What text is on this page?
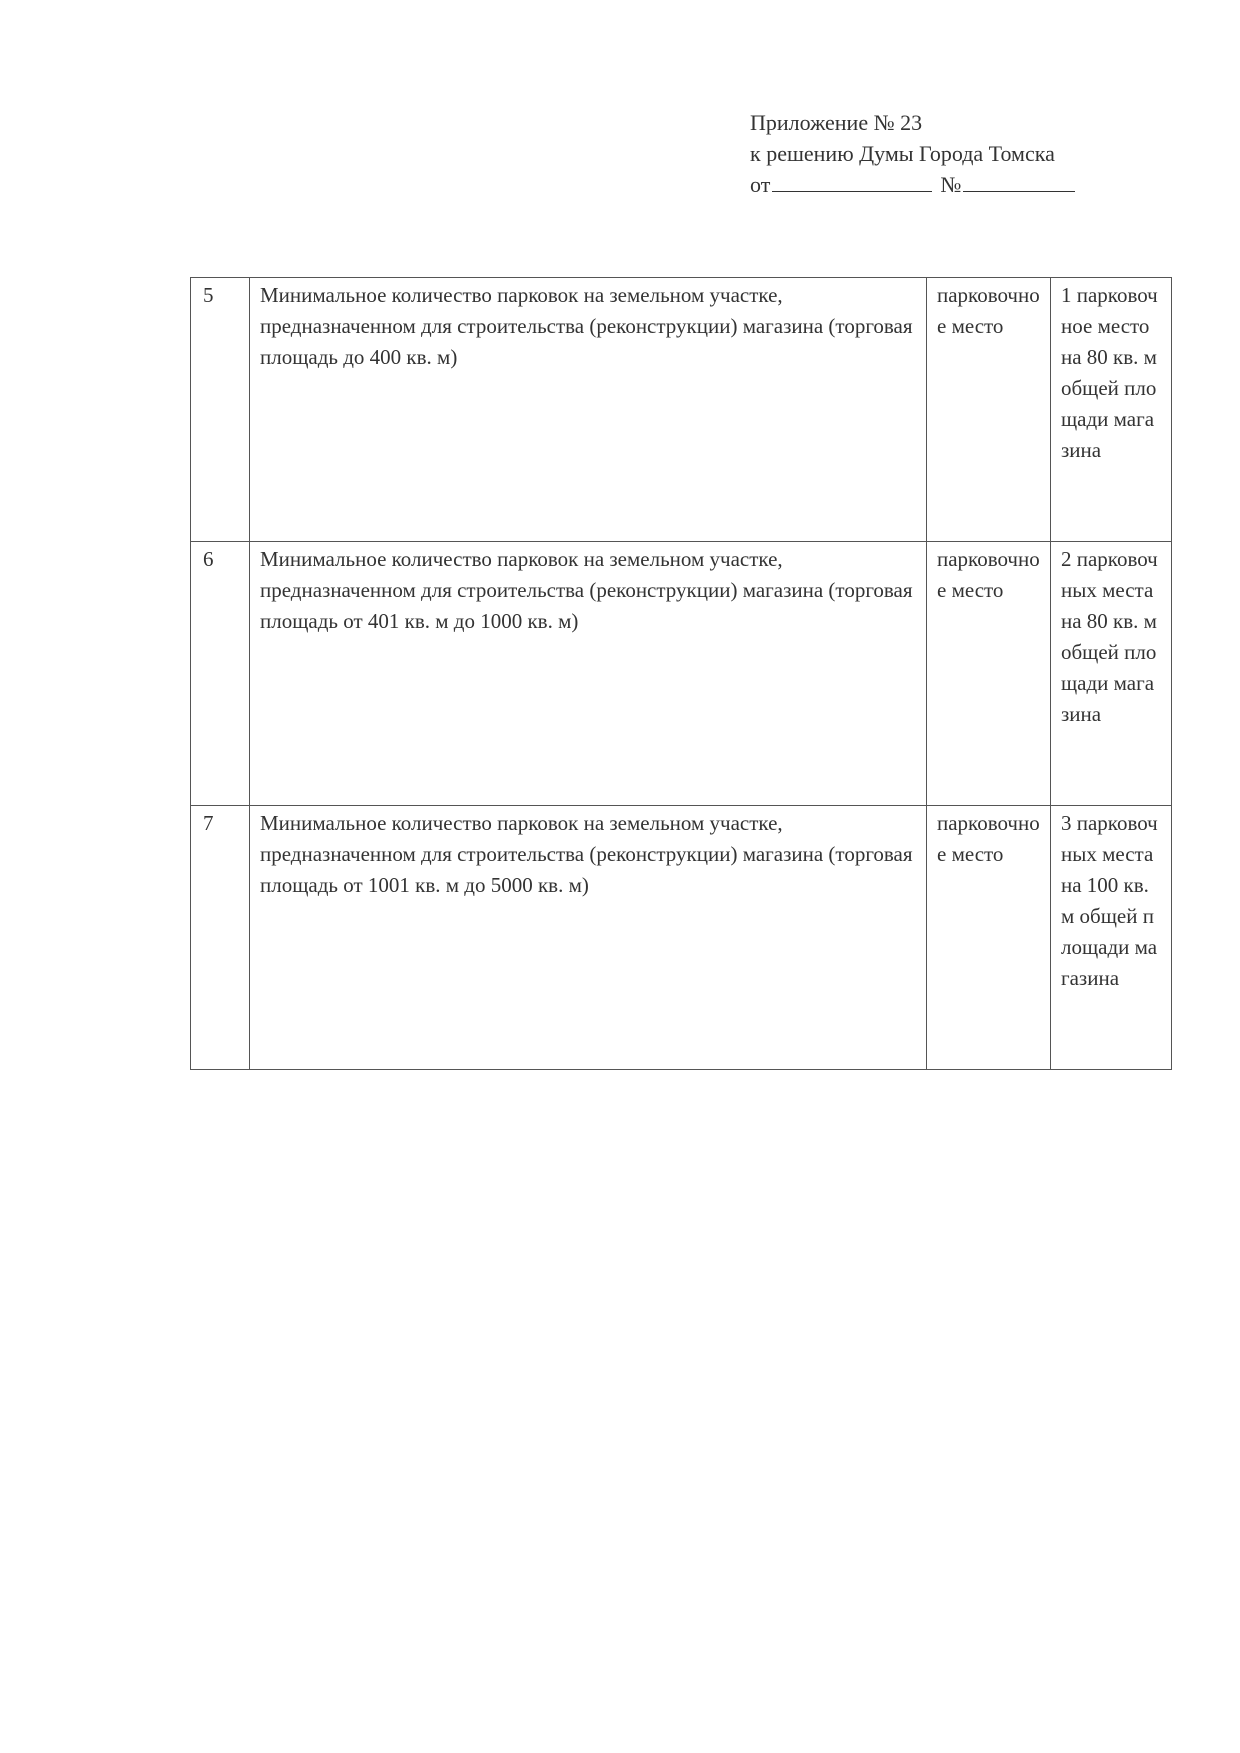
Приложение № 23
к решению Думы Города Томска
от	№
5	Минимальное количество парковок на земельном участке, предназначенном для строительства (реконструкции) магазина (торговая площадь до 400 кв. м)	парковочное место	1 парковочное место на 80 кв. м общей площади магазина
6	Минимальное количество парковок на земельном участке, предназначенном для строительства (реконструкции) магазина (торговая площадь от 401 кв. м до 1000 кв. м)	парковочное место	2 парковочных места на 80 кв. м общей площади магазина
7	Минимальное количество парковок на земельном участке, предназначенном для строительства (реконструкции) магазина (торговая площадь от 1001 кв. м до 5000 кв. м)	парковочное место	3 парковочных места на 100 кв.м общей площади магазина
